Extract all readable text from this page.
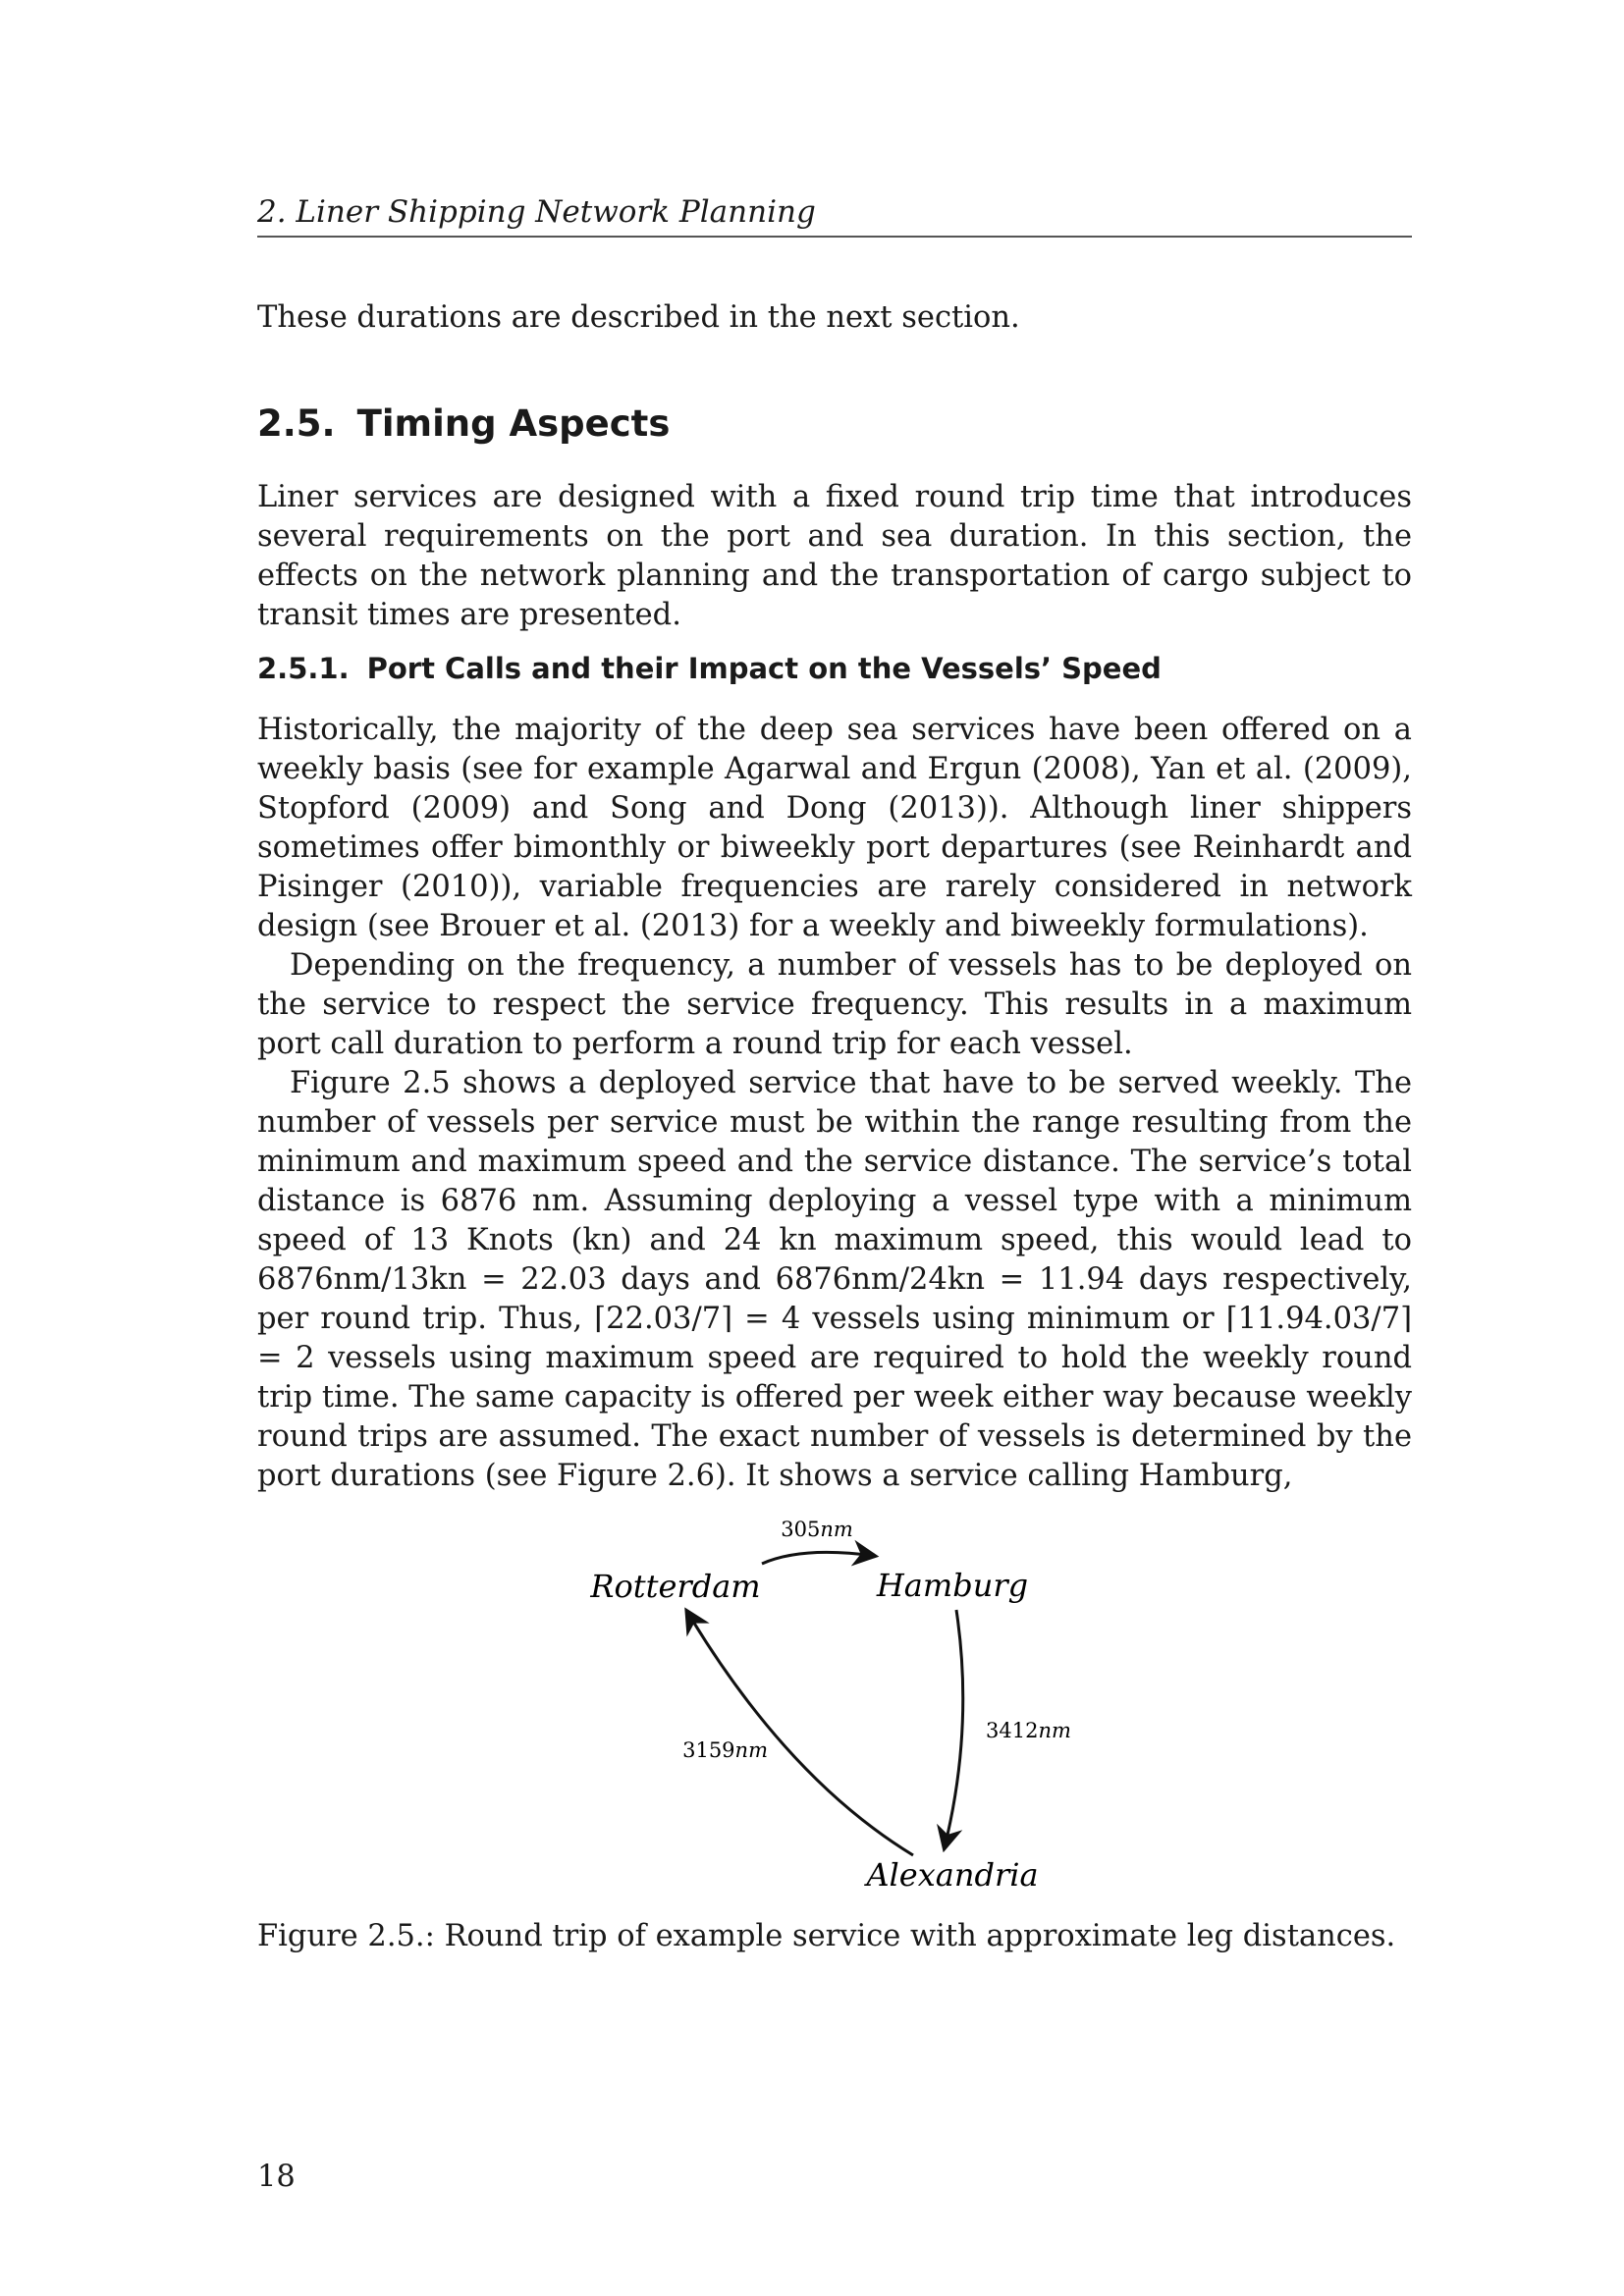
2. Liner Shipping Network Planning

These durations are described in the next section.

2.5. Timing Aspects

Liner services are designed with a fixed round trip time that introduces several requirements on the port and sea duration. In this section, the effects on the network planning and the transportation of cargo subject to transit times are presented.

2.5.1. Port Calls and their Impact on the Vessels’ Speed

Historically, the majority of the deep sea services have been offered on a weekly basis (see for example Agarwal and Ergun (2008), Yan et al. (2009), Stopford (2009) and Song and Dong (2013)). Although liner shippers sometimes offer bimonthly or biweekly port departures (see Reinhardt and Pisinger (2010)), variable frequencies are rarely considered in network design (see Brouer et al. (2013) for a weekly and biweekly formulations).

Depending on the frequency, a number of vessels has to be deployed on the service to respect the service frequency. This results in a maximum port call duration to perform a round trip for each vessel.

Figure 2.5 shows a deployed service that have to be served weekly. The number of vessels per service must be within the range resulting from the minimum and maximum speed and the service distance. The service’s total distance is 6876 nm. Assuming deploying a vessel type with a minimum speed of 13 Knots (kn) and 24 kn maximum speed, this would lead to 6876nm/13kn = 22.03 days and 6876nm/24kn = 11.94 days respectively, per round trip. Thus, ⌈22.03/7⌉ = 4 vessels using minimum or ⌈11.94.03/7⌉ = 2 vessels using maximum speed are required to hold the weekly round trip time. The same capacity is offered per week either way because weekly round trips are assumed. The exact number of vessels is determined by the port durations (see Figure 2.6). It shows a service calling Hamburg,

Rotterdam	Hamburg
Alexandria
305nm
3412nm
3159nm
Figure 2.5.: Round trip of example service with approximate leg distances.
18
